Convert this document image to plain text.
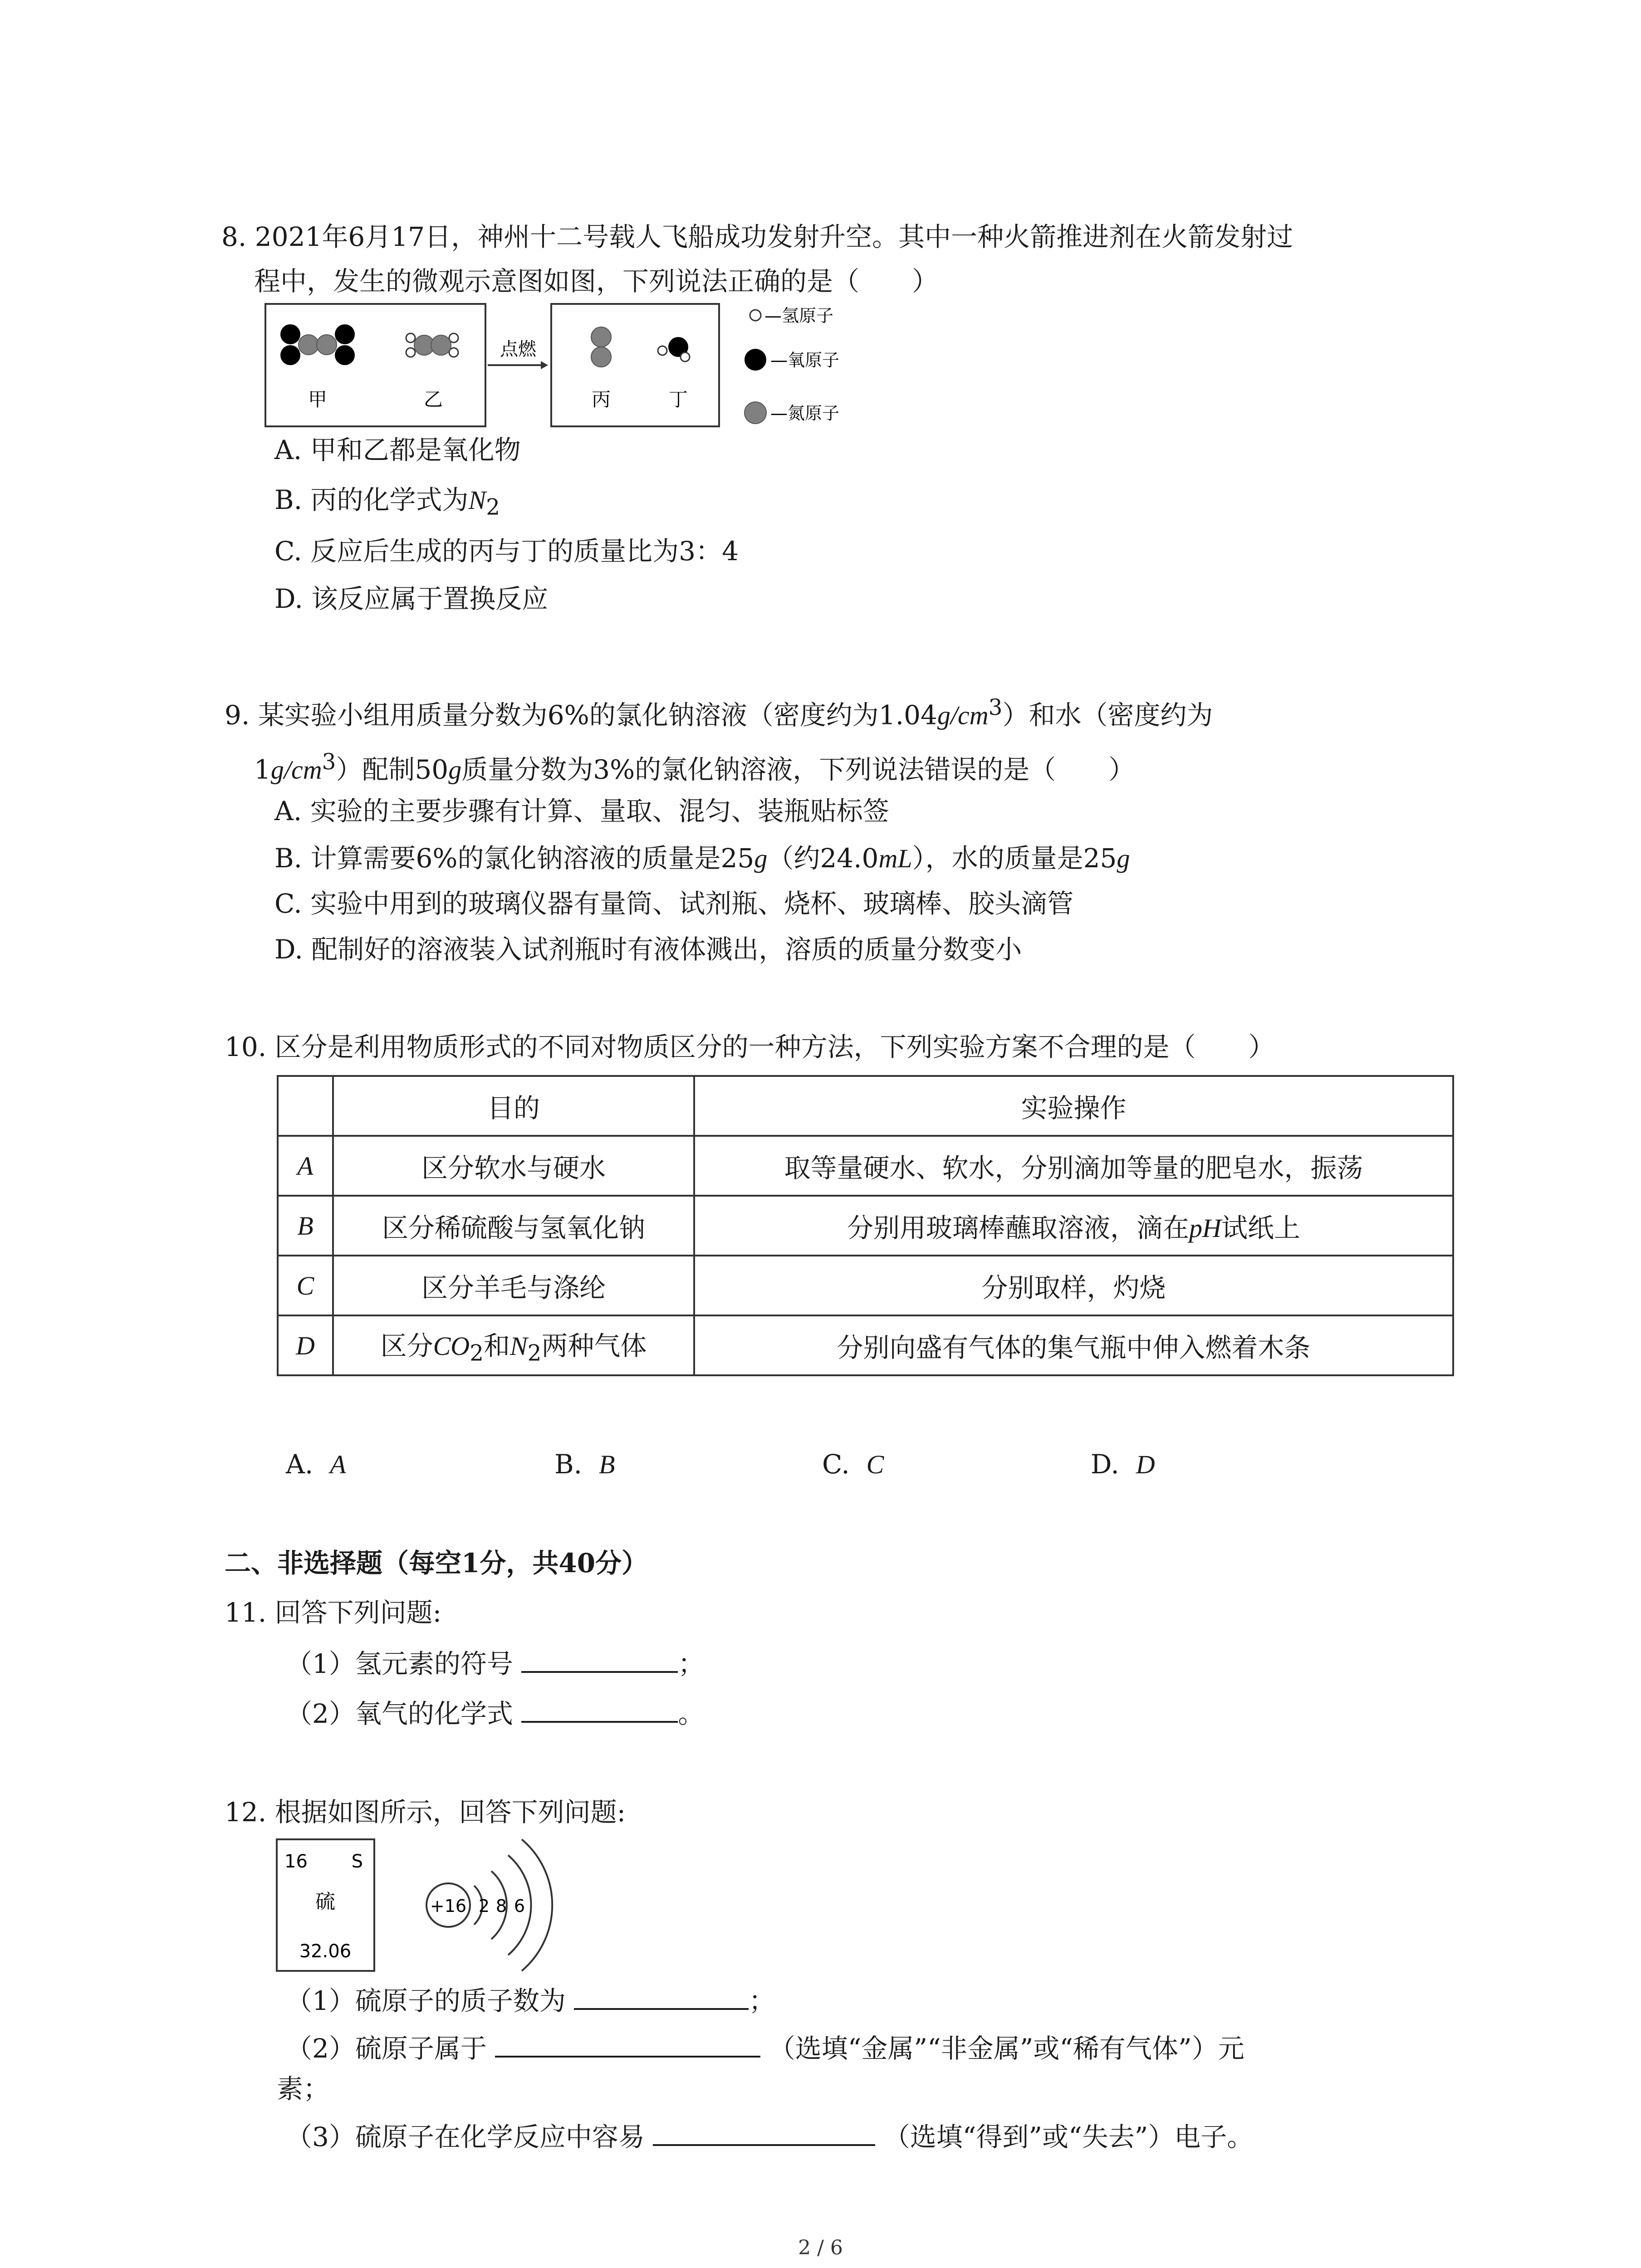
8. 2021年6月17日，神州十二号载人飞船成功发射升空。其中一种火箭推进剂在火箭发射过
程中，发生的微观示意图如图，下列说法正确的是（　　）
甲	乙
点燃
丙	丁
—氢原子
—氧原子
—氮原子
A. 甲和乙都是氧化物
B. 丙的化学式为$N_2$
C. 反应后生成的丙与丁的质量比为3：4
D. 该反应属于置换反应
9. 某实验小组用质量分数为6%的氯化钠溶液（密度约为$1.04g/cm^3$）和水（密度约为
$1g/cm^3$）配制50g质量分数为3%的氯化钠溶液，下列说法错误的是（　　）
A. 实验的主要步骤有计算、量取、混匀、装瓶贴标签
B. 计算需要6%的氯化钠溶液的质量是25g（约24.0mL），水的质量是25g
C. 实验中用到的玻璃仪器有量筒、试剂瓶、烧杯、玻璃棒、胶头滴管
D. 配制好的溶液装入试剂瓶时有液体溅出，溶质的质量分数变小
10. 区分是利用物质形式的不同对物质区分的一种方法，下列实验方案不合理的是（　　）
	目的	实验操作
A	区分软水与硬水	取等量硬水、软水，分别滴加等量的肥皂水，振荡
B	区分稀硫酸与氢氧化钠	分别用玻璃棒蘸取溶液，滴在pH试纸上
C	区分羊毛与涤纶	分别取样，灼烧
D	区分$CO_2$和$N_2$两种气体	分别向盛有气体的集气瓶中伸入燃着木条
A. A	B. B	C. C	D. D
二、非选择题（每空1分，共40分）
11. 回答下列问题:
（1）氢元素的符号	；
（2）氧气的化学式	。
12. 根据如图所示，回答下列问题:
16 S
硫
32.06
+16 2 8 6
（1）硫原子的质子数为	；
（2）硫原子属于	（选填“金属”“非金属”或“稀有气体”）元
素；
（3）硫原子在化学反应中容易	（选填“得到”或“失去”）电子。
2 / 6
